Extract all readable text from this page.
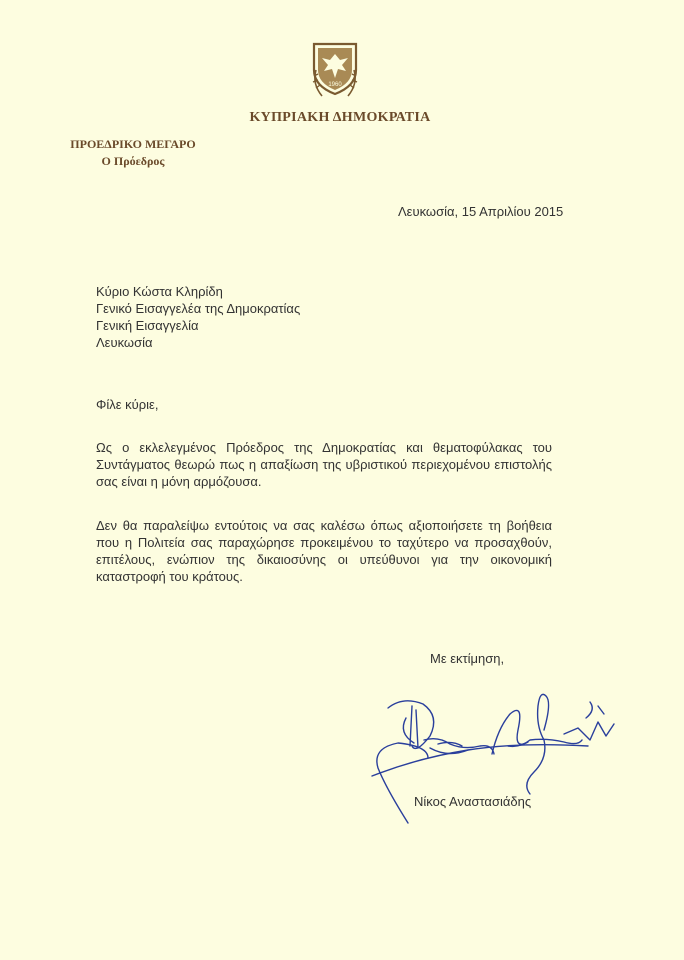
1960
ΚΥΠΡΙΑΚΗ ΔΗΜΟΚΡΑΤΙΑ
ΠΡΟΕΔΡΙΚΟ ΜΕΓΑΡΟ
Ο Πρόεδρος
Λευκωσία, 15 Απριλίου 2015
Κύριο Κώστα Κληρίδη
Γενικό Εισαγγελέα της Δημοκρατίας
Γενική Εισαγγελία
Λευκωσία
Φίλε κύριε,
Ως ο εκλελεγμένος Πρόεδρος της Δημοκρατίας και θεματοφύλακας του Συντάγματος θεωρώ πως η απαξίωση της υβριστικού περιεχομένου επιστολής σας είναι η μόνη αρμόζουσα.
Δεν θα παραλείψω εντούτοις να σας καλέσω όπως αξιοποιήσετε τη βοήθεια που η Πολιτεία σας παραχώρησε προκειμένου το ταχύτερο να προσαχθούν, επιτέλους, ενώπιον της δικαιοσύνης οι υπεύθυνοι για την οικονομική καταστροφή του κράτους.
Με εκτίμηση,
Νίκος Αναστασιάδης
